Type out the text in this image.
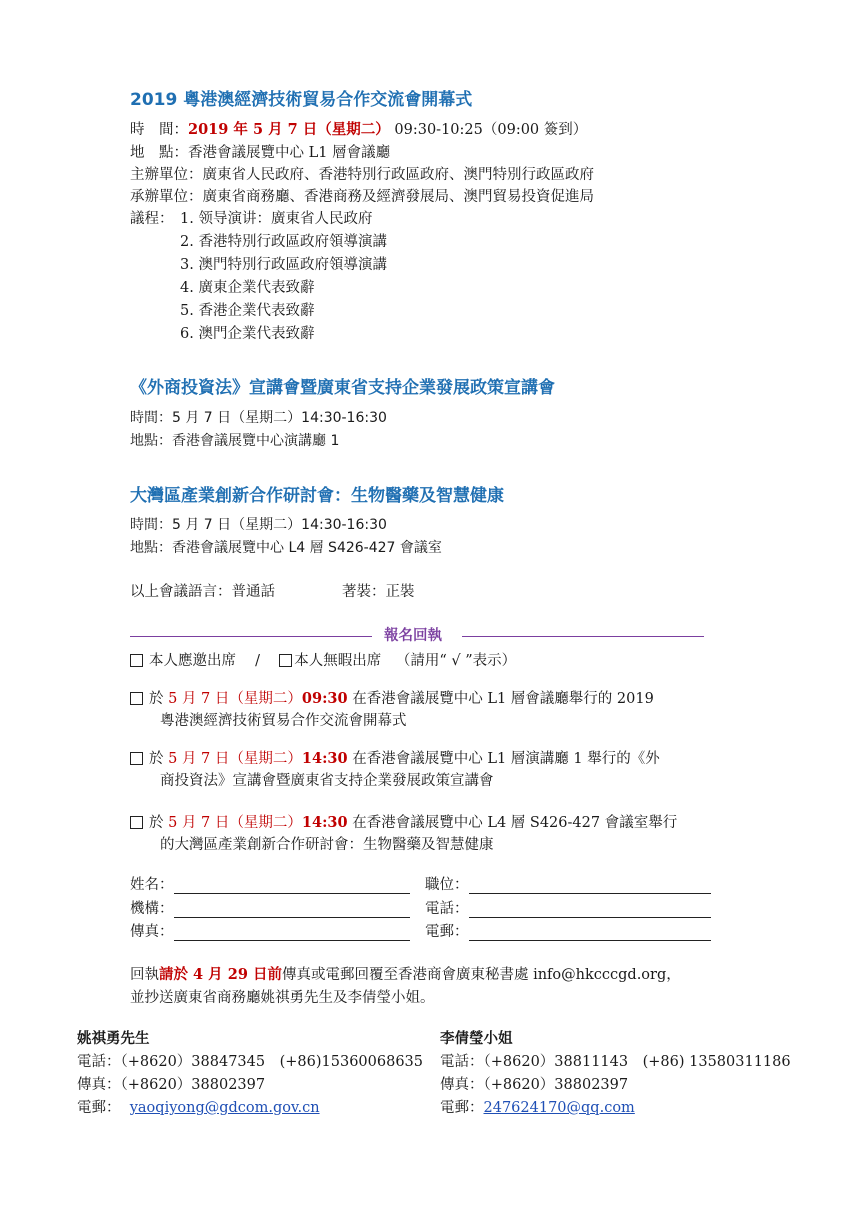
2019 粵港澳經濟技術貿易合作交流會開幕式
時　間：2019 年 5 月 7 日（星期二） 09:30-10:25（09:00 簽到）
地　點：香港會議展覽中心 L1 層會議廳
主辦單位：廣東省人民政府、香港特別行政區政府、澳門特別行政區政府
承辦單位：廣東省商務廳、香港商務及經濟發展局、澳門貿易投資促進局
議程： 1. 领导演讲：廣東省人民政府
2. 香港特別行政區政府領導演講
3. 澳門特別行政區政府領導演講
4. 廣東企業代表致辭
5. 香港企業代表致辭
6. 澳門企業代表致辭
《外商投資法》宣講會暨廣東省支持企業發展政策宣講會
時間：5 月 7 日（星期二）14:30-16:30
地點：香港會議展覽中心演講廳 1
大灣區產業創新合作研討會：生物醫藥及智慧健康
時間：5 月 7 日（星期二）14:30-16:30
地點：香港會議展覽中心 L4 層 S426-427 會議室
以上會議語言：普通話	著裝：正裝
報名回執
本人應邀出席 / 本人無暇出席 （請用“ √ ”表示）
於 5 月 7 日（星期二）09:30 在香港會議展覽中心 L1 層會議廳舉行的 2019
粵港澳經濟技術貿易合作交流會開幕式
於 5 月 7 日（星期二）14:30 在香港會議展覽中心 L1 層演講廳 1 舉行的《外
商投資法》宣講會暨廣東省支持企業發展政策宣講會
於 5 月 7 日（星期二）14:30 在香港會議展覽中心 L4 層 S426-427 會議室舉行
的大灣區產業創新合作研討會：生物醫藥及智慧健康
姓名：	職位：
機構：	電話：
傳真：	電郵：
回執請於 4 月 29 日前傳真或電郵回覆至香港商會廣東秘書處 info@hkcccgd.org，
並抄送廣東省商務廳姚祺勇先生及李倩瑩小姐。
姚祺勇先生
電話：（+8620）38847345　(+86)15360068635
傳真：（+8620）38802397
電郵： yaoqiyong@gdcom.gov.cn
李倩瑩小姐
電話：（+8620）38811143　(+86) 13580311186
傳真：（+8620）38802397
電郵：247624170@qq.com
